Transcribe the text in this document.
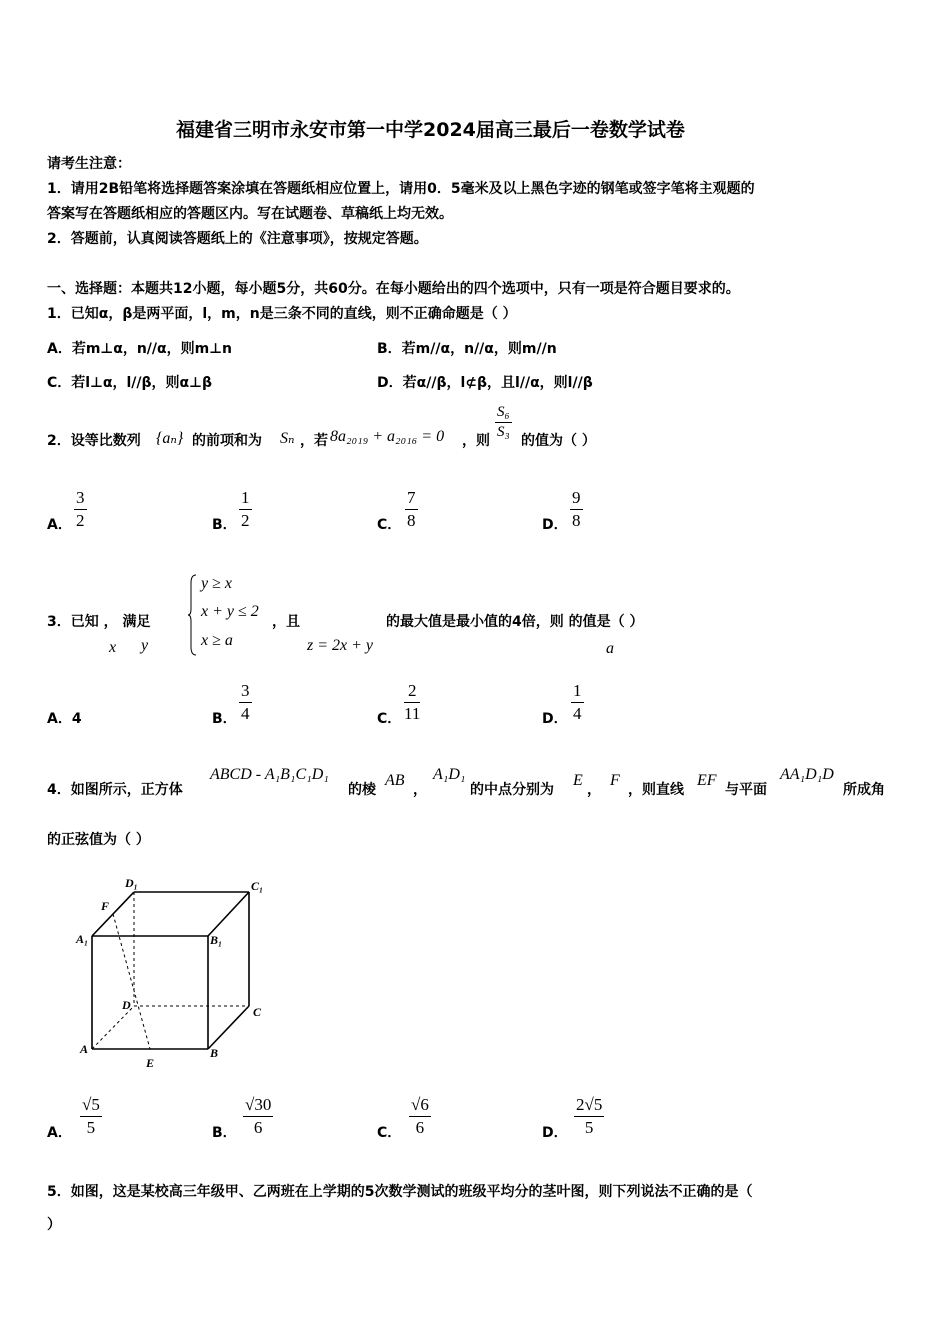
福建省三明市永安市第一中学2024届高三最后一卷数学试卷
请考生注意：
1．请用2B铅笔将选择题答案涂填在答题纸相应位置上，请用0．5毫米及以上黑色字迹的钢笔或签字笔将主观题的
答案写在答题纸相应的答题区内。写在试题卷、草稿纸上均无效。
2．答题前，认真阅读答题纸上的《注意事项》，按规定答题。
一、选择题：本题共12小题，每小题5分，共60分。在每小题给出的四个选项中，只有一项是符合题目要求的。
1．已知α，β是两平面，l，m，n是三条不同的直线，则不正确命题是（ ）
A．若m⊥α，n//α，则m⊥n	B．若m//α，n//α，则m//n
C．若l⊥α，l//β，则α⊥β	D．若α//β，l⊄β，且l//α，则l//β
2．设等比数列 {aₙ} 的前项和为 Sₙ ，若 8a₂₀₁₉ + a₂₀₁₆ = 0 ，则 $\frac{\text{S₆}}{\text{S₃}}$ 的值为（ ）
A． $\frac{3}{2}$	B． $\frac{1}{2}$	C． $\frac{7}{8}$	D． $\frac{9}{8}$
3．已知 ， 满足
y ≥ x
x + y ≤ 2
x ≥ a
，且	的最大值是最小值的4倍，则 的值是（ ）
x y	z = 2x + y	a
A．4	B． $\frac{3}{4}$	C． $\frac{2}{11}$	D． $\frac{1}{4}$
4．如图所示，正方体
ABCD - A₁B₁C₁D₁
的棱
AB
，
A₁D₁
的中点分别为
E
，
F
，则直线
EF
与平面
AA₁D₁D
所成角
的正弦值为（ ）
D₁	C₁
F
A₁	B₁
D	C
A	B
E
A． $\frac{√5}{5}$	B． $\frac{√30}{6}$	C． $\frac{√6}{6}$	D． $\frac{2√5}{5}$
5．如图，这是某校高三年级甲、乙两班在上学期的5次数学测试的班级平均分的茎叶图，则下列说法不正确的是（
）
